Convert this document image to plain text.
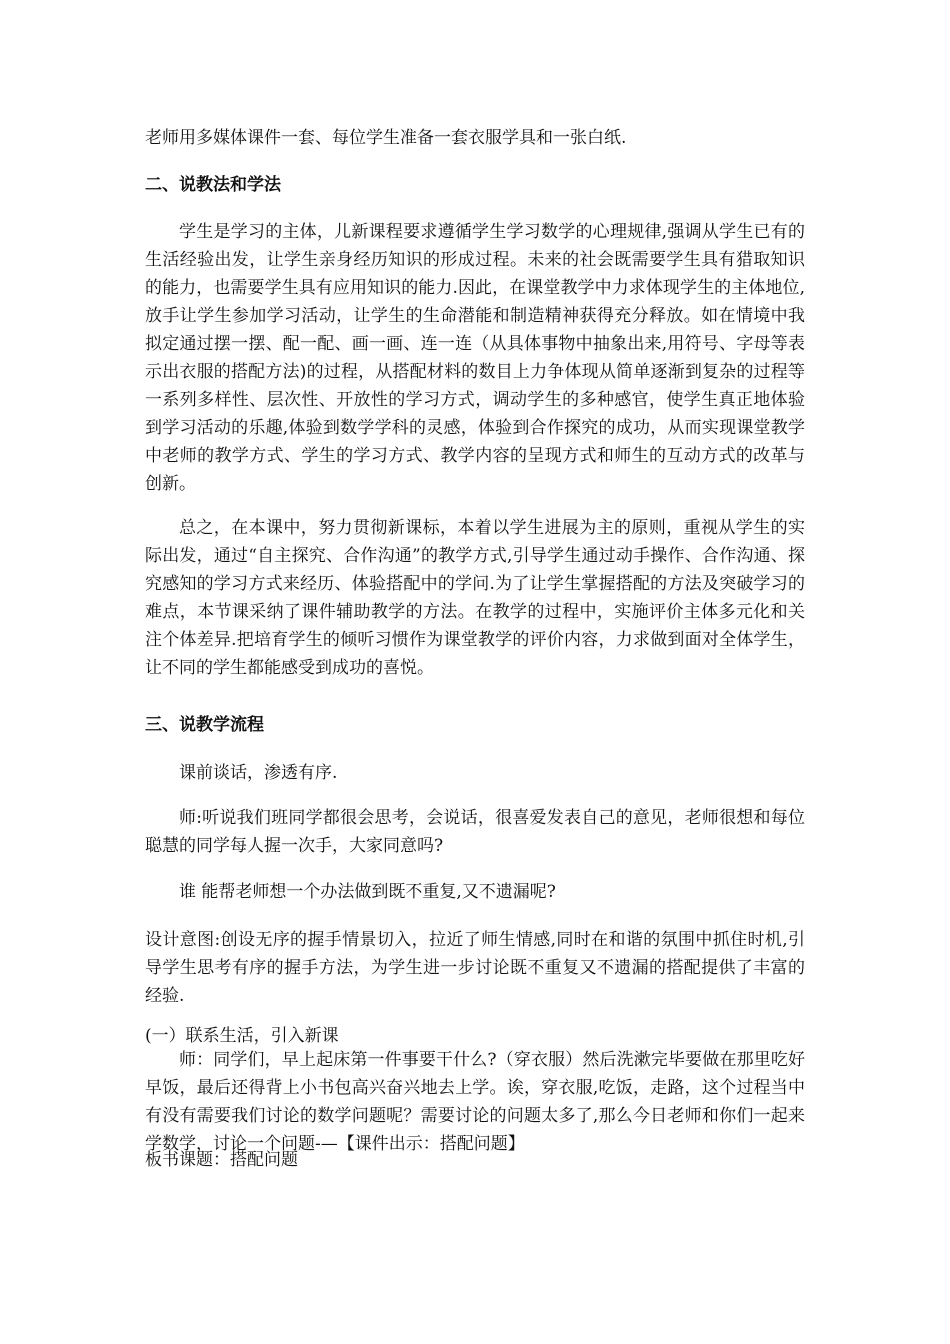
老师用多媒体课件一套、每位学生准备一套衣服学具和一张白纸.

二、说教法和学法

学生是学习的主体，儿新课程要求遵循学生学习数学的心理规律,强调从学生已有的生活经验出发，让学生亲身经历知识的形成过程。未来的社会既需要学生具有猎取知识的能力，也需要学生具有应用知识的能力.因此，在课堂教学中力求体现学生的主体地位,放手让学生参加学习活动，让学生的生命潜能和制造精神获得充分释放。如在情境中我拟定通过摆一摆、配一配、画一画、连一连（从具体事物中抽象出来,用符号、字母等表示出衣服的搭配方法)的过程，从搭配材料的数目上力争体现从简单逐渐到复杂的过程等一系列多样性、层次性、开放性的学习方式，调动学生的多种感官，使学生真正地体验到学习活动的乐趣,体验到数学学科的灵感，体验到合作探究的成功，从而实现课堂教学中老师的教学方式、学生的学习方式、教学内容的呈现方式和师生的互动方式的改革与创新。

总之，在本课中，努力贯彻新课标，本着以学生进展为主的原则，重视从学生的实际出发，通过“自主探究、合作沟通”的教学方式,引导学生通过动手操作、合作沟通、探究感知的学习方式来经历、体验搭配中的学问.为了让学生掌握搭配的方法及突破学习的难点，本节课采纳了课件辅助教学的方法。在教学的过程中，实施评价主体多元化和关注个体差异.把培育学生的倾听习惯作为课堂教学的评价内容，力求做到面对全体学生，让不同的学生都能感受到成功的喜悦。

三、说教学流程

课前谈话，渗透有序.

师:听说我们班同学都很会思考，会说话，很喜爱发表自己的意见，老师很想和每位聪慧的同学每人握一次手，大家同意吗?

谁 能帮老师想一个办法做到既不重复,又不遗漏呢?

设计意图:创设无序的握手情景切入，拉近了师生情感,同时在和谐的氛围中抓住时机,引导学生思考有序的握手方法，为学生进一步讨论既不重复又不遗漏的搭配提供了丰富的经验.

(一）联系生活，引入新课

师：同学们，早上起床第一件事要干什么?（穿衣服）然后洗漱完毕要做在那里吃好早饭，最后还得背上小书包高兴奋兴地去上学。诶，穿衣服,吃饭，走路，这个过程当中有没有需要我们讨论的数学问题呢？需要讨论的问题太多了,那么今日老师和你们一起来学数学，讨论一个问题-—【课件出示：搭配问题】

板书课题：搭配问题
